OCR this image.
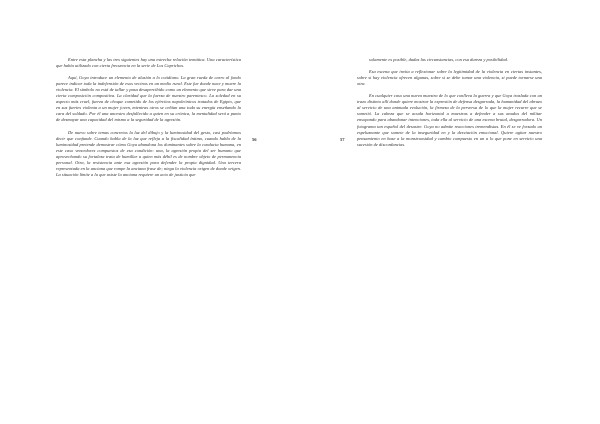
Entre esta plancha y las tres siguientes hay una estrecha relación temática. Una característica que había utilizado con cierta frecuencia en la serie de Los Caprichos.

Aquí, Goya introduce un elemento de alusión a lo cotidiano. La gran rueda de carro al fondo parece indicar toda la indefensión de esos vecinos en un medio rural. Este fue donde nace y muere la violencia. El símbolo no está de tallar y pasa desapercibido como un elemento que sirve para dar una cierta composición compositiva. La claridad que la fuerza de nuestro parentesco. La soledad en su aspecto más cruel, fuerza de choque cometido de los ejércitos napoleónicos tratados de Egipto, que en sus fuertes violenta a un mujer joven, mientras otros se ceñían una toda su energía enseñando la cara del soldado. Por él una ancestro desfallecido a quien en su crónica, la mentalidad será a punto de desmayar una capacidad del mismo a la seguridad de la agresión.

De nuevo sobre temas concretos la luz del dibujo y la luminosidad del gesto, casi podríamos decir que confunde. Cuando habla de la luz que refleja a la fiscalidad íntima, cuando habla de la luminosidad pretende demostrar cómo Goya abandona los dominantes sobre la conducta humana, en este caso vencedores compuestos de esa condición: una, la agresión propia del ser humano que aprovechando su fortaleza trata de humillar a quien más débil es de nombre objeto de permanencia personal. Otra, la resistencia ante esa agresión para defender la propia dignidad. Una tercera representada en la anciana que rompe la anciana frase de; niega la violencia origen de donde origen. La situación límite a la que asiste la anciana requiere un acto de justicia que

56	57

solamente es posible, dadas las circunstancias, con esa dureza y posibilidad.

Esa escena que invita a reflexionar sobre la legitimidad de la violencia en ciertas instantes, sobre si hay violencia ofrecen algunas, sobre si se debe tomar una violencia, si puede tornarse una otra.

En cualquier caso una nueva muestra de lo que conlleva la guerra y que Goya traslada con un trazo distinto allí donde quiere mostrar la expresión de defensa desgarrada, la humanidad del abrazo al servicio de una animada evolución, la firmeza de la perversa de lo que la mujer recurre que se sometió. La cabeza que se acuda horizontal a muestras a defender a sus anudos del militar ensopando para abandonar intenciones, toda ella al servicio de una escena brutal, desgarradora. Un fotograma tan español del desastre. Goya no admite reacciones tremendistas. En él se ve forzado un espeluznante que somete de la inseguridad en y la desviación emocional. Quiere agitar nuestro pensamiento en base a la monstruosidad y cambio compuesto en un a lo que pone en servicio una sucesión de discordancias.
